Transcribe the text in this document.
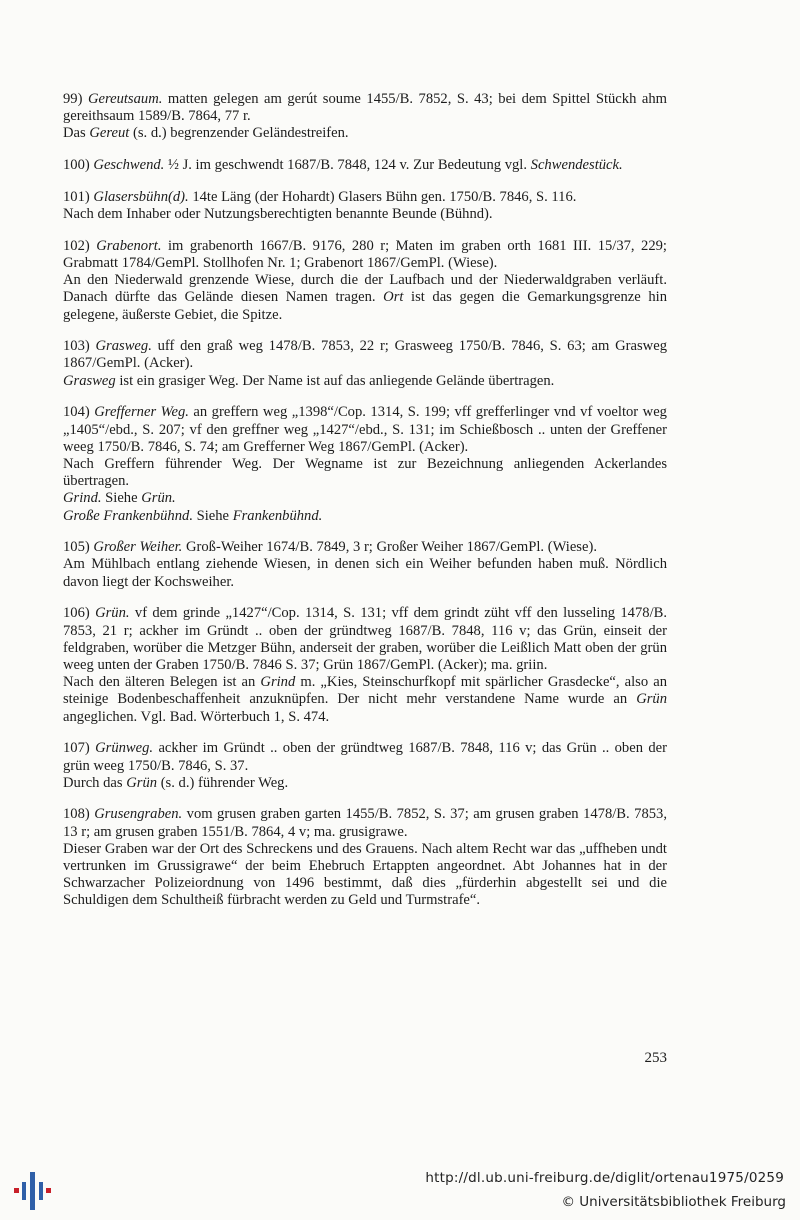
99) Gereutsaum. matten gelegen am gerút soume 1455/B. 7852, S. 43; bei dem Spittel Stückh ahm gereithsaum 1589/B. 7864, 77 r.

Das Gereut (s. d.) begrenzender Geländestreifen.

100) Geschwend. ½ J. im geschwendt 1687/B. 7848, 124 v. Zur Bedeutung vgl. Schwendestück.

101) Glasersbühn(d). 14te Läng (der Hohardt) Glasers Bühn gen. 1750/B. 7846, S. 116.

Nach dem Inhaber oder Nutzungsberechtigten benannte Beunde (Bühnd).

102) Grabenort. im grabenorth 1667/B. 9176, 280 r; Maten im graben orth 1681 III. 15/37, 229; Grabmatt 1784/GemPl. Stollhofen Nr. 1; Grabenort 1867/GemPl. (Wiese).

An den Niederwald grenzende Wiese, durch die der Laufbach und der Niederwaldgraben verläuft. Danach dürfte das Gelände diesen Namen tragen. Ort ist das gegen die Gemarkungsgrenze hin gelegene, äußerste Gebiet, die Spitze.

103) Grasweg. uff den graß weg 1478/B. 7853, 22 r; Grasweeg 1750/B. 7846, S. 63; am Grasweg 1867/GemPl. (Acker).

Grasweg ist ein grasiger Weg. Der Name ist auf das anliegende Gelände übertragen.

104) Grefferner Weg. an greffern weg „1398“/Cop. 1314, S. 199; vff grefferlinger vnd vf voeltor weg „1405“/ebd., S. 207; vf den greffner weg „1427“/ebd., S. 131; im Schießbosch .. unten der Greffener weeg 1750/B. 7846, S. 74; am Grefferner Weg 1867/GemPl. (Acker).

Nach Greffern führender Weg. Der Wegname ist zur Bezeichnung anliegenden Ackerlandes übertragen.

Grind. Siehe Grün.

Große Frankenbühnd. Siehe Frankenbühnd.

105) Großer Weiher. Groß-Weiher 1674/B. 7849, 3 r; Großer Weiher 1867/GemPl. (Wiese).

Am Mühlbach entlang ziehende Wiesen, in denen sich ein Weiher befunden haben muß. Nördlich davon liegt der Kochsweiher.

106) Grün. vf dem grinde „1427“/Cop. 1314, S. 131; vff dem grindt züht vff den lusseling 1478/B. 7853, 21 r; ackher im Gründt .. oben der gründtweg 1687/B. 7848, 116 v; das Grün, einseit der feldgraben, worüber die Metzger Bühn, anderseit der graben, worüber die Leißlich Matt oben der grün weeg unten der Graben 1750/B. 7846 S. 37; Grün 1867/GemPl. (Acker); ma. griin.

Nach den älteren Belegen ist an Grind m. „Kies, Steinschurfkopf mit spärlicher Grasdecke“, also an steinige Bodenbeschaffenheit anzuknüpfen. Der nicht mehr verstandene Name wurde an Grün angeglichen. Vgl. Bad. Wörterbuch 1, S. 474.

107) Grünweg. ackher im Gründt .. oben der gründtweg 1687/B. 7848, 116 v; das Grün .. oben der grün weeg 1750/B. 7846, S. 37.

Durch das Grün (s. d.) führender Weg.

108) Grusengraben. vom grusen graben garten 1455/B. 7852, S. 37; am grusen graben 1478/B. 7853, 13 r; am grusen graben 1551/B. 7864, 4 v; ma. grusigrawe.

Dieser Graben war der Ort des Schreckens und des Grauens. Nach altem Recht war das „uffheben undt vertrunken im Grussigrawe“ der beim Ehebruch Ertappten angeordnet. Abt Johannes hat in der Schwarzacher Polizeiordnung von 1496 bestimmt, daß dies „fürderhin abgestellt sei und die Schuldigen dem Schultheiß fürbracht werden zu Geld und Turmstrafe“.

253
http://dl.ub.uni-freiburg.de/diglit/ortenau1975/0259
© Universitätsbibliothek Freiburg
